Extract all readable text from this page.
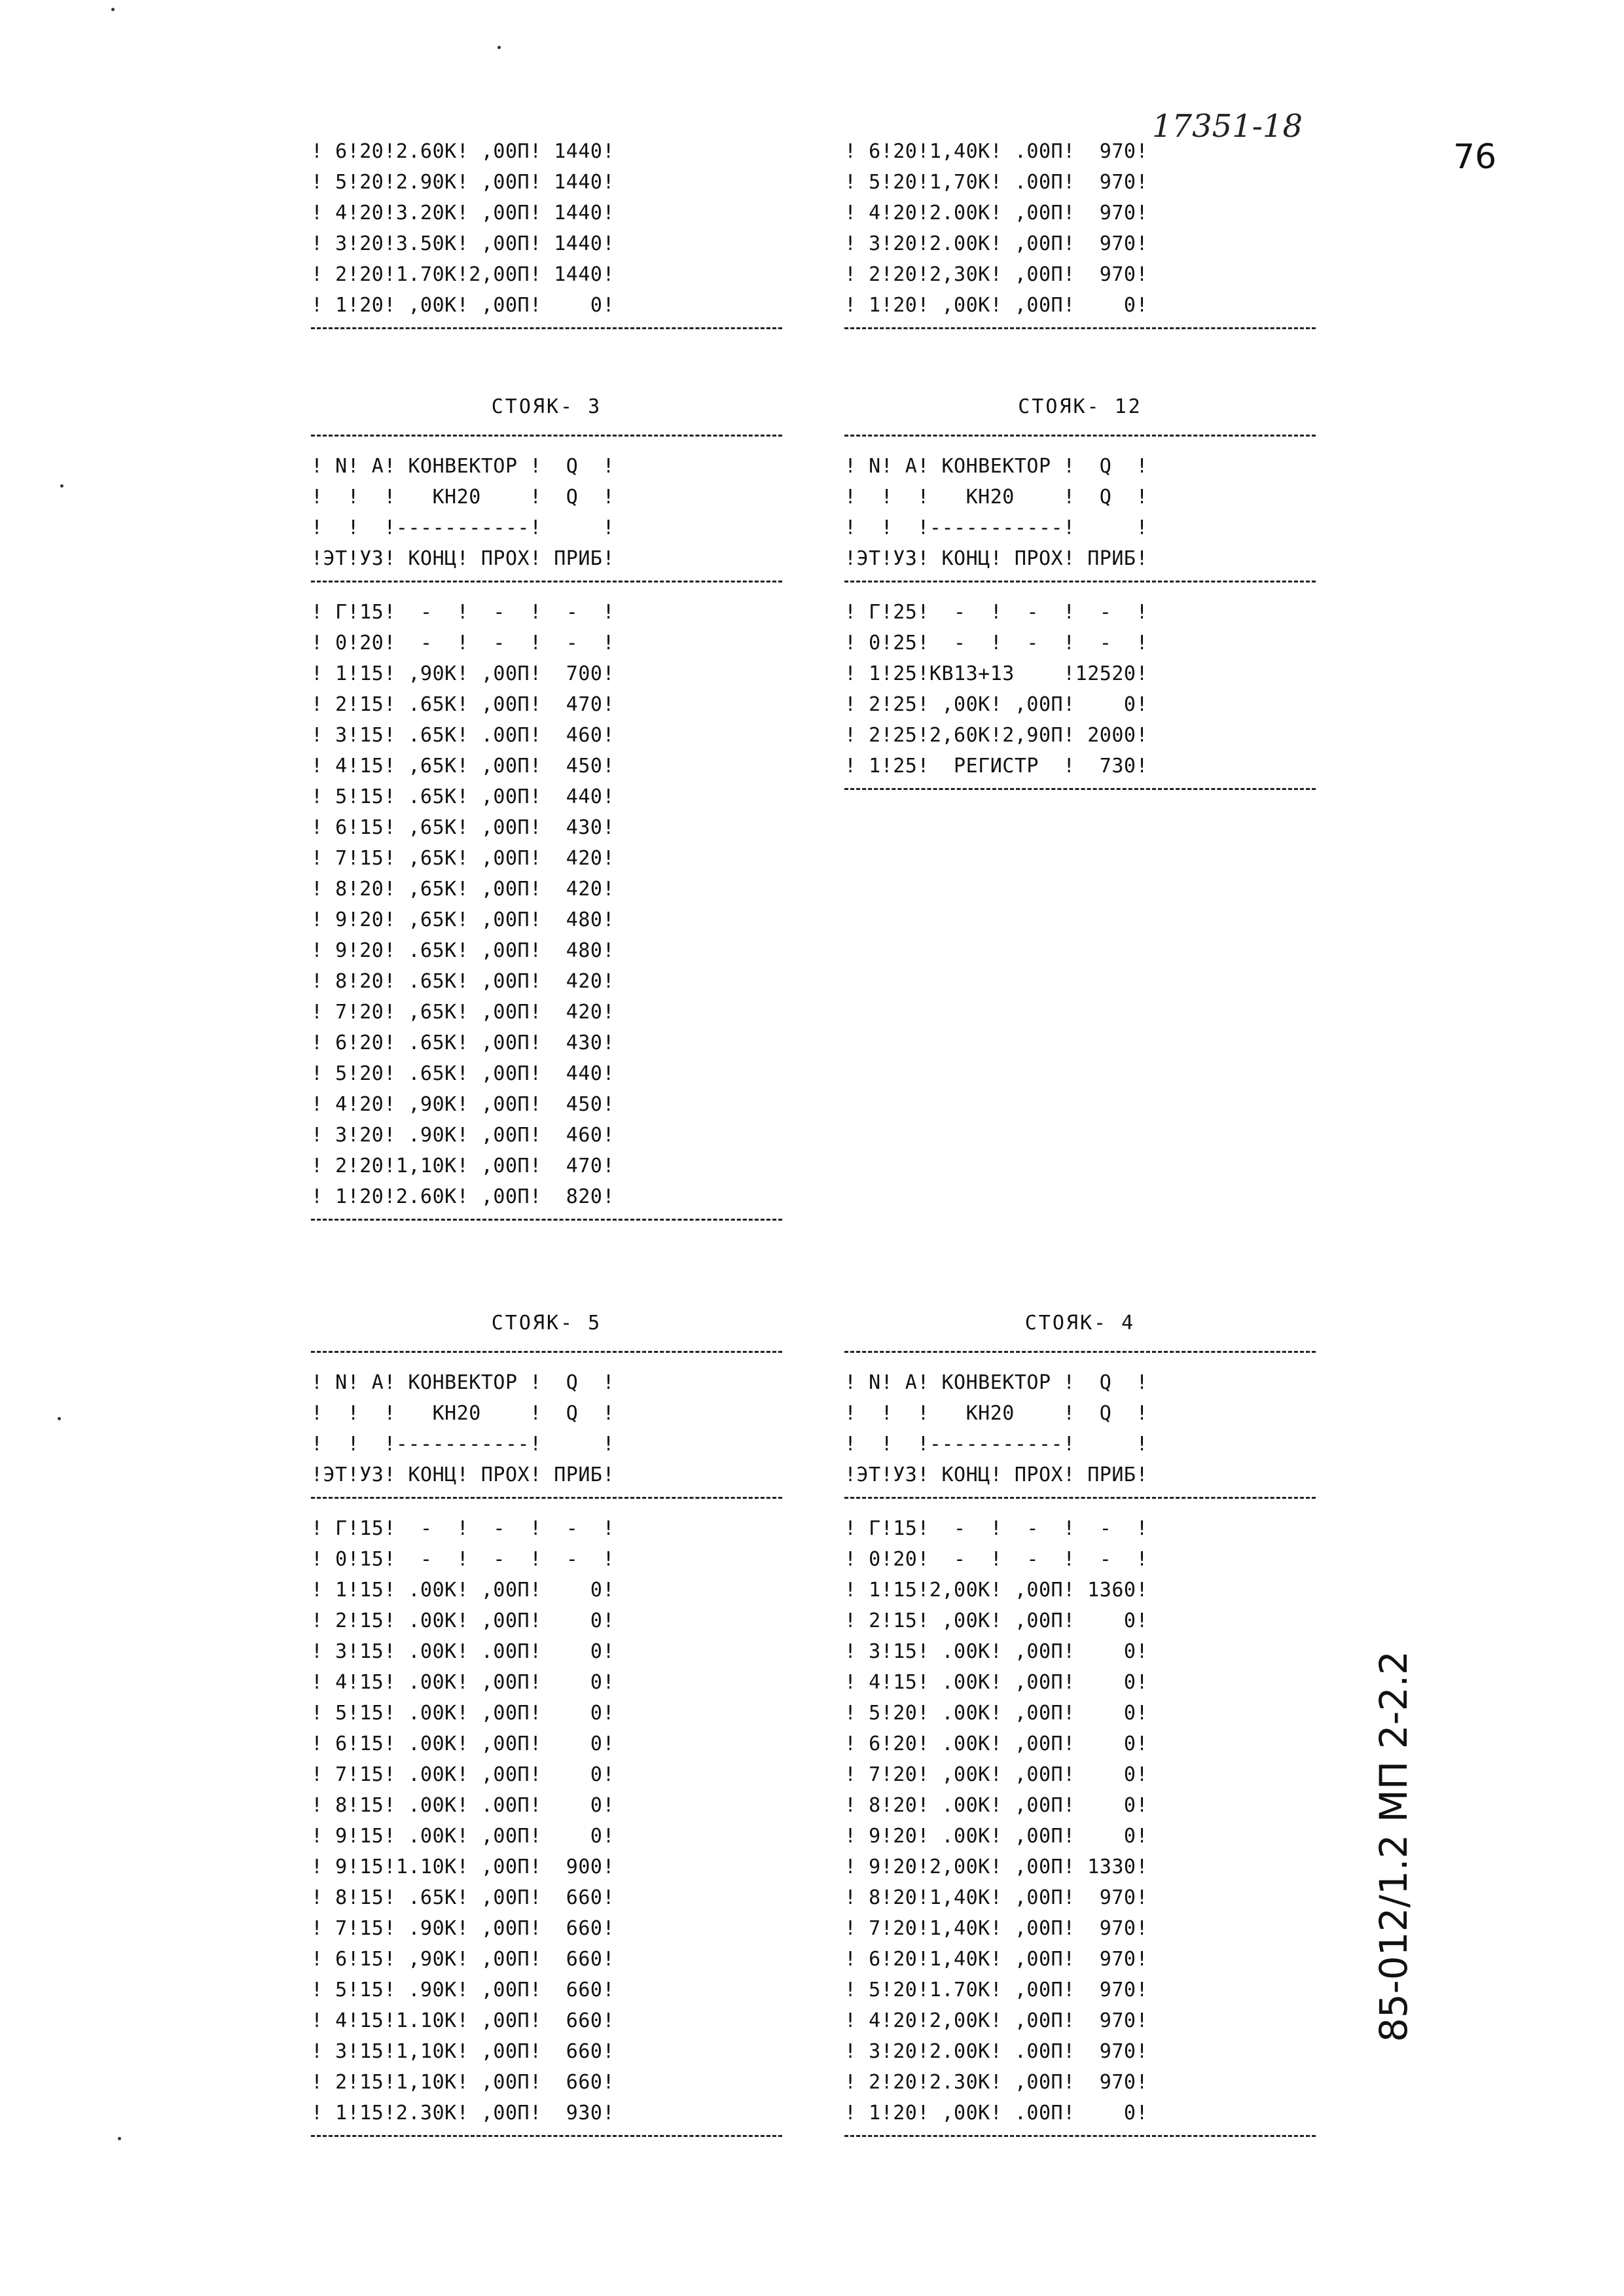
17351-18
76
85-012/1.2 МП 2-2.2
! 6!20!2.60К! ,00П! 1440!
! 5!20!2.90К! ,00П! 1440!
! 4!20!3.20К! ,00П! 1440!
! 3!20!3.50К! ,00П! 1440!
! 2!20!1.70К!2,00П! 1440!
! 1!20! ,00К! ,00П!    0!
! 6!20!1,40К! .00П!  970!
! 5!20!1,70К! .00П!  970!
! 4!20!2.00К! ,00П!  970!
! 3!20!2.00К! ,00П!  970!
! 2!20!2,30К! ,00П!  970!
! 1!20! ,00К! ,00П!    0!
СТОЯК- 3
! N! А! КОНВЕКТОР !  Q  !
!  !  !   КН20    !  Q  !
!  !  !-----------!     !
!ЭТ!УЗ! КОНЦ! ПРОХ! ПРИБ!
! Г!15!  -  !  -  !  -  !
! 0!20!  -  !  -  !  -  !
! 1!15! ,90К! ,00П!  700!
! 2!15! .65К! ,00П!  470!
! 3!15! .65К! .00П!  460!
! 4!15! ,65К! ,00П!  450!
! 5!15! .65К! ,00П!  440!
! 6!15! ,65К! ,00П!  430!
! 7!15! ,65К! ,00П!  420!
! 8!20! ,65К! ,00П!  420!
! 9!20! ,65К! ,00П!  480!
! 9!20! .65К! ,00П!  480!
! 8!20! .65К! ,00П!  420!
! 7!20! ,65К! ,00П!  420!
! 6!20! .65К! ,00П!  430!
! 5!20! .65К! ,00П!  440!
! 4!20! ,90К! ,00П!  450!
! 3!20! .90К! ,00П!  460!
! 2!20!1,10К! ,00П!  470!
! 1!20!2.60К! ,00П!  820!
СТОЯК- 12
! N! А! КОНВЕКТОР !  Q  !
!  !  !   КН20    !  Q  !
!  !  !-----------!     !
!ЭТ!УЗ! КОНЦ! ПРОХ! ПРИБ!
! Г!25!  -  !  -  !  -  !
! 0!25!  -  !  -  !  -  !
! 1!25!КВ13+13    !12520!
! 2!25! ,00К! ,00П!    0!
! 2!25!2,60К!2,90П! 2000!
! 1!25!  РЕГИСТР  !  730!
СТОЯК- 5
! N! А! КОНВЕКТОР !  Q  !
!  !  !   КН20    !  Q  !
!  !  !-----------!     !
!ЭТ!УЗ! КОНЦ! ПРОХ! ПРИБ!
! Г!15!  -  !  -  !  -  !
! 0!15!  -  !  -  !  -  !
! 1!15! .00К! ,00П!    0!
! 2!15! .00К! ,00П!    0!
! 3!15! .00К! .00П!    0!
! 4!15! .00К! ,00П!    0!
! 5!15! .00К! ,00П!    0!
! 6!15! .00К! ,00П!    0!
! 7!15! .00К! ,00П!    0!
! 8!15! .00К! .00П!    0!
! 9!15! .00К! ,00П!    0!
! 9!15!1.10К! ,00П!  900!
! 8!15! .65К! ,00П!  660!
! 7!15! .90К! ,00П!  660!
! 6!15! ,90К! ,00П!  660!
! 5!15! .90К! ,00П!  660!
! 4!15!1.10К! ,00П!  660!
! 3!15!1,10К! ,00П!  660!
! 2!15!1,10К! ,00П!  660!
! 1!15!2.30К! ,00П!  930!
СТОЯК- 4
! N! А! КОНВЕКТОР !  Q  !
!  !  !   КН20    !  Q  !
!  !  !-----------!     !
!ЭТ!УЗ! КОНЦ! ПРОХ! ПРИБ!
! Г!15!  -  !  -  !  -  !
! 0!20!  -  !  -  !  -  !
! 1!15!2,00К! ,00П! 1360!
! 2!15! ,00К! ,00П!    0!
! 3!15! .00К! ,00П!    0!
! 4!15! .00К! ,00П!    0!
! 5!20! .00К! ,00П!    0!
! 6!20! .00К! ,00П!    0!
! 7!20! ,00К! ,00П!    0!
! 8!20! .00К! ,00П!    0!
! 9!20! .00К! ,00П!    0!
! 9!20!2,00К! ,00П! 1330!
! 8!20!1,40К! ,00П!  970!
! 7!20!1,40К! ,00П!  970!
! 6!20!1,40К! ,00П!  970!
! 5!20!1.70К! ,00П!  970!
! 4!20!2,00К! ,00П!  970!
! 3!20!2.00К! .00П!  970!
! 2!20!2.30К! ,00П!  970!
! 1!20! ,00К! .00П!    0!
